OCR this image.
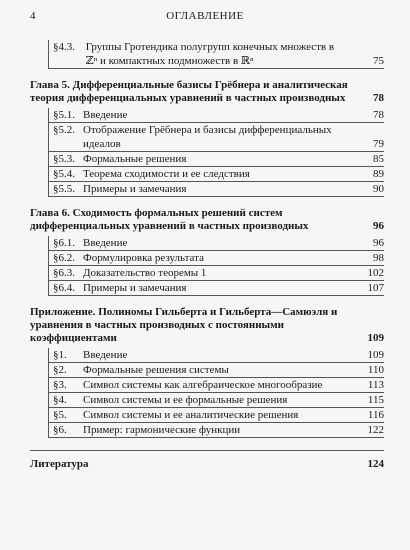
4	ОГЛАВЛЕНИЕ
§4.3. Группы Гротендика полугрупп конечных множеств в ℤⁿ и компактных подмножеств в ℝⁿ	75
Глава 5. Дифференциальные базисы Грёбнера и аналитическая теория дифференциальных уравнений в частных производных	78
§5.1. Введение	78
§5.2. Отображение Грёбнера и базисы дифференциальных идеалов	79
§5.3. Формальные решения	85
§5.4. Теорема сходимости и ее следствия	89
§5.5. Примеры и замечания	90
Глава 6. Сходимость формальных решений систем дифференциальных уравнений в частных производных	96
§6.1. Введение	96
§6.2. Формулировка результата	98
§6.3. Доказательство теоремы 1	102
§6.4. Примеры и замечания	107
Приложение. Полиномы Гильберта и Гильберта—Самюэля и уравнения в частных производных с постоянными коэффициентами	109
§1. Введение	109
§2. Формальные решения системы	110
§3. Символ системы как алгебраическое многообразие	113
§4. Символ системы и ее формальные решения	115
§5. Символ системы и ее аналитические решения	116
§6. Пример: гармонические функции	122
Литература	124
